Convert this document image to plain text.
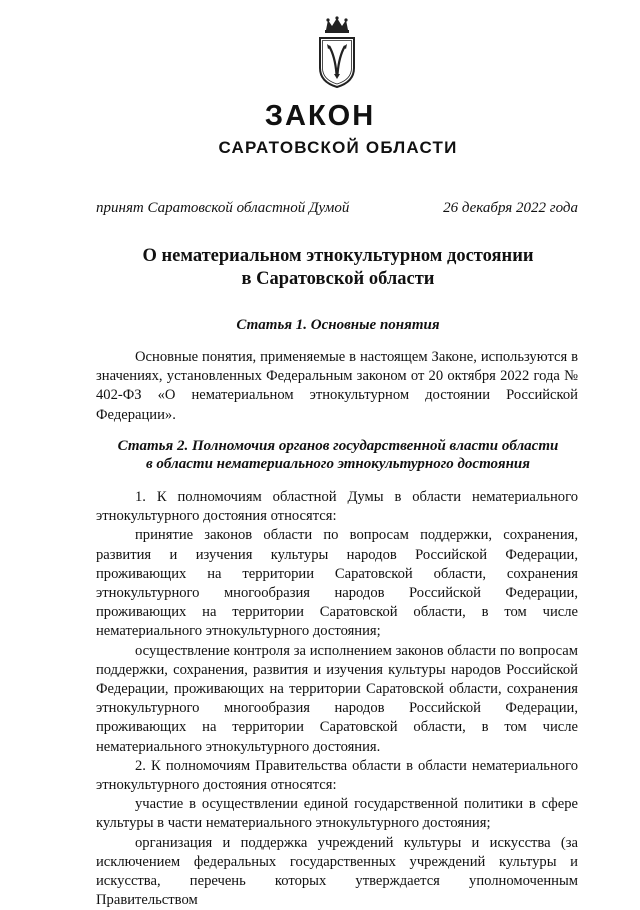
ЗАКОН
САРАТОВСКОЙ ОБЛАСТИ
принят Саратовской областной Думой	26 декабря 2022 года
О нематериальном этнокультурном достоянии
в Саратовской области
Статья 1. Основные понятия

Основные понятия, применяемые в настоящем Законе, используются в значениях, установленных Федеральным законом от 20 октября 2022 года № 402-ФЗ «О нематериальном этнокультурном достоянии Российской Федерации».

Статья 2. Полномочия органов государственной власти области
в области нематериального этнокультурного достояния

1. К полномочиям областной Думы в области нематериального этнокультурного достояния относятся:

принятие законов области по вопросам поддержки, сохранения, развития и изучения культуры народов Российской Федерации, проживающих на территории Саратовской области, сохранения этнокультурного многообразия народов Российской Федерации, проживающих на территории Саратовской области, в том числе нематериального этнокультурного достояния;

осуществление контроля за исполнением законов области по вопросам поддержки, сохранения, развития и изучения культуры народов Российской Федерации, проживающих на территории Саратовской области, сохранения этнокультурного многообразия народов Российской Федерации, проживающих на территории Саратовской области, в том числе нематериального этнокультурного достояния.

2. К полномочиям Правительства области в области нематериального этнокультурного достояния относятся:

участие в осуществлении единой государственной политики в сфере культуры в части нематериального этнокультурного достояния;

организация и поддержка учреждений культуры и искусства (за исключением федеральных государственных учреждений культуры и искусства, перечень которых утверждается уполномоченным Правительством
